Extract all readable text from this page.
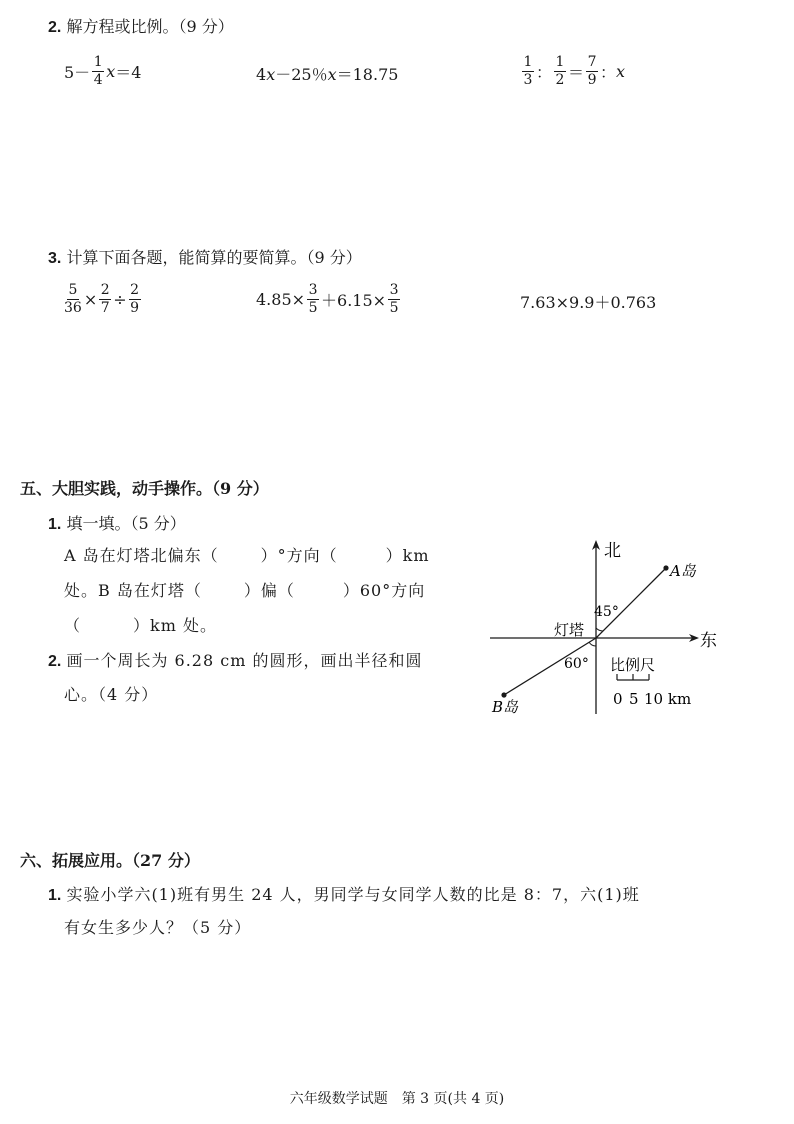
2. 解方程或比例。（9 分）
$5- \frac{1}{4} x=4$	4x－25％x＝18.75	$\frac{1}{3}$ ： $\frac{1}{2} = \frac{7}{9}$ ：x
3. 计算下面各题，能简算的要简算。（9 分）
$\frac{5}{36} \times \frac{2}{7} \div \frac{2}{9}$	$4.85\times \frac{3}{5} +6.15\times \frac{3}{5}$	7.63×9.9＋0.763
五、大胆实践，动手操作。（9 分）
1. 填一填。（5 分）
A 岛在灯塔北偏东（	）°方向（	）km
处。B 岛在灯塔（	）偏（	）60°方向
（	）km 处。
2. 画一个周长为 6.28 cm 的圆形，画出半径和圆
心。（4 分）
北
东
A岛
B岛
灯塔
45°
60° 比例尺
0 5 10 km
六、拓展应用。（27 分）
1. 实验小学六(1)班有男生 24 人，男同学与女同学人数的比是 8：7，六(1)班
有女生多少人？（5 分）
六年级数学试题　第 3 页(共 4 页)
